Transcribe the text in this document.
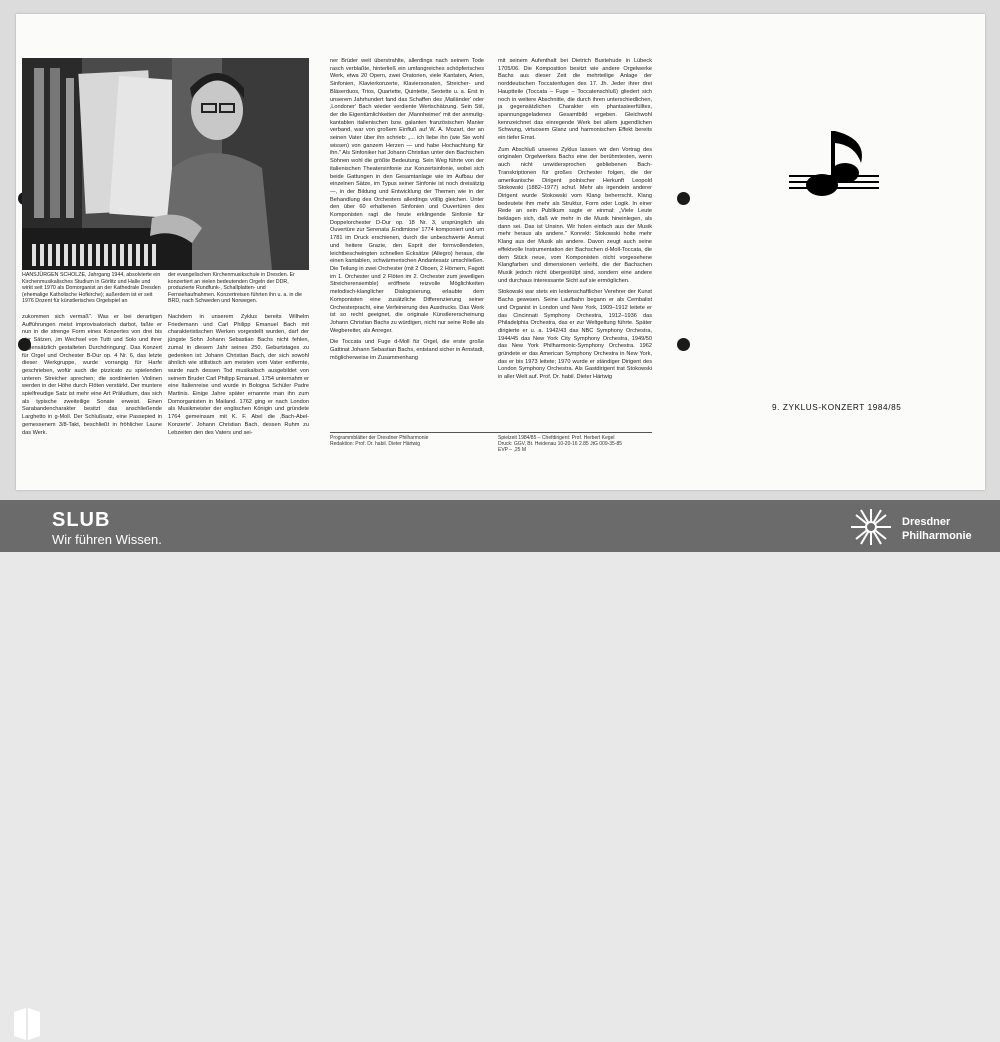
HANSJÜRGEN SCHOLZE, Jahrgang 1944, absolvierte ein Kirchenmusikalisches Studium in Görlitz und Halle und wirkt seit 1970 als Domorganist an der Kathedrale Dresden (ehemalige Katholische Hofkirche); außerdem ist er seit 1976 Dozent für künstlerisches Orgelspiel an
der evangelischen Kirchenmusikschule in Dresden. Er konzertiert an vielen bedeutenden Orgeln der DDR, produzierte Rundfunk-, Schallplatten- und Fernsehaufnahmen. Konzertreisen führten ihn u. a. in die BRD, nach Schweden und Norwegen.

zukommen sich vermaß". Was er bei derartigen Aufführungen meist improvisatorisch darbot, faßte er nun in die strenge Form eines Konzertes von drei bis vier Sätzen, ‚im Wechsel von Tutti und Solo und ihrer gegensätzlich gestalteten Durchdringung'. Das Konzert für Orgel und Orchester B-Dur op. 4 Nr. 6, das letzte dieser Werkgruppe, wurde vorrangig für Harfe geschrieben, wofür auch die pizzicato zu spielenden unteren Streicher sprechen; die sordinierten Violinen werden in der Höhe durch Flöten verstärkt. Der muntere spielfreudige Satz ist mehr eine Art Präludium, das sich als typische zweiteilige Sonate erweist. Einen Sarabandencharakter besitzt das anschließende Larghetto in g-Moll. Der Schlußsatz, eine Passepied in gemessenem 3/8-Takt, beschließt in fröhlicher Laune das Werk.

Nachdem in unserem Zyklus bereits Wilhelm Friedemann und Carl Philipp Emanuel Bach mit charakteristischen Werken vorgestellt wurden, darf der jüngste Sohn Johann Sebastian Bachs nicht fehlen, zumal in diesem Jahr seines 250. Geburtstages zu gedenken ist: Johann Christian Bach, der sich sowohl ähnlich wie stilistisch am meisten vom Vater entfernte, wurde nach dessen Tod musikalisch ausgebildet von seinem Bruder Carl Philipp Emanuel. 1754 unternahm er eine Italienreise und wurde in Bologna Schüler Padre Martinis. Einige Jahre später ernannte man ihn zum Domorganisten in Mailand. 1762 ging er nach London als Musikmeister der englischen Königin und gründete 1764 gemeinsam mit K. F. Abel die ‚Bach-Abel-Konzerte'. Johann Christian Bach, dessen Ruhm zu Lebzeiten den des Vaters und sei-

ner Brüder weit überstrahlte, allerdings nach seinem Tode rasch verblaßte, hinterließ ein umfangreiches schöpferisches Werk, etwa 20 Opern, zwei Oratorien, viele Kantaten, Arien, Sinfonien, Klavierkonzerte, Klaviersonaten, Streicher- und Bläserduos, Trios, Quartette, Quintette, Sextette u. a. Erst in unserem Jahrhundert fand das Schaffen des ‚Mailänder' oder ‚Londoner' Bach wieder verdiente Wertschätzung. Sein Stil, der die Eigentümlichkeiten der ‚Mannheimer' mit der anmutig-kantablen italienischen bzw. galanten französischen Manier verband, war von großem Einfluß auf W. A. Mozart, der an seinen Vater über ihn schrieb: „... ich liebe ihn (wie Sie wohl wissen) von ganzem Herzen — und habe Hochachtung für ihn." Als Sinfoniker hat Johann Christian unter den Bachschen Söhnen wohl die größte Bedeutung. Sein Weg führte von der italienischen Theatersinfonie zur Konzertsinfonie, wobei sich beide Gattungen in den Gesamtanlage wie im Aufbau der einzelnen Sätze, im Typus seiner Sinfonie ist noch dreisätzig —, in der Bildung und Entwicklung der Themen wie in der Behandlung des Orchesters allerdings völlig gleichen. Unter den über 60 erhaltenen Sinfonien und Ouvertüren des Komponisten ragt die heute erklingende Sinfonie für Doppelorchester D-Dur op. 18 Nr. 3, ursprünglich als Ouvertüre zur Serenata ‚Endimione' 1774 komponiert und um 1781 im Druck erschienen, durch die unbeschwerte Anmut und heitere Grazie, den Esprit der formvollendeten, leichtbeschwingten schnellen Ecksätze (Allegro) heraus, die einen kantablen, schwärmerischen Andantesatz umschließen. Die Teilung in zwei Orchester (mit 2 Oboen, 2 Hörnern, Fagott im 1. Orchester und 2 Flöten im 2. Orchester zum jeweiligen Streicherensemble) eröffnete reizvolle Möglichkeiten melodisch-klanglicher Dialogisierung, erlaubte dem Komponisten eine zusätzliche Differenzierung seiner Orchesterpracht, eine Verfeinerung des Ausdrucks. Das Werk ist so recht geeignet, die originale Künstlererscheinung Johann Christian Bachs zu würdigen, nicht nur seine Rolle als Wegbereiter, als Anreger.

Die Toccata und Fuge d-Moll für Orgel, die erste große Gattinat Johann Sebastian Bachs, entstand sicher in Arnstadt, möglicherweise im Zusammenhang

mit seinem Aufenthalt bei Dietrich Buxtehude in Lübeck 1705/06. Die Komposition besitzt wie andere Orgelwerke Bachs aus dieser Zeit die mehrteilige Anlage der norddeutschen Toccatenfugen des 17. Jh. Jeder ihrer drei Hauptteile (Toccata – Fuge – Toccatenschluß) gliedert sich noch in weitere Abschnitte, die durch ihren unterschiedlichen, ja gegensätzlichen Charakter ein phantasieerfülltes, spannungsgeladenes Gesamtbild ergeben. Gleichwohl kennzeichnet das einregende Werk bei allem jugendlichen Schwung, virtuosem Glanz und harmonischen Effekt bereits ein tiefer Ernst.

Zum Abschluß unseres Zyklus lassen wir den Vortrag des originalen Orgelwerkes Bachs eine der berühmtesten, wenn auch nicht unwidersprochen gebliebenen Bach-Transkriptionen für großes Orchester folgen, die der amerikanische Dirigent polnischer Herkunft Leopold Stokowski (1882–1977) schuf. Mehr als irgendein anderer Dirigent wurde Stokowski vom Klang beherrscht. Klang bedeutete ihm mehr als Struktur, Form oder Logik. In einer Rede an sein Publikum sagte er einmal: „Viele Leute beklagen sich, daß wir mehr in die Musik hineinlegen, als dann sei. Das ist Unsinn. Wir holen einfach aus der Musik mehr heraus als andere." Konrekt: Stokowski holte mehr Klang aus der Musik als andere. Davon zeugt auch seine effektvolle Instrumentation der Bachschen d-Moll-Toccata, die dem Stück neue, vom Komponisten nicht vorgesehene Klangfarben und dimensionen verleiht, die der Bachschen Musik jedoch nicht übergestülpt sind, sondern eine andere und durchaus interessante Sicht auf sie ermöglichen.

Stokowski war stets ein leidenschaftlicher Verehrer der Kunst Bachs gewesen. Seine Laufbahn begann er als Cembalist und Organist in London und New York, 1909–1912 leitete er das Cincinnati Symphony Orchestra, 1912–1936 das Philadelphia Orchestra, das er zur Weltgeltung führte. Später dirigierte er u. a. 1942/43 das NBC Symphony Orchestra, 1944/45 das New York City Symphony Orchestra, 1949/50 das New York Philharmonic-Symphony Orchestra. 1962 gründete er das American Symphony Orchestra in New York, das er bis 1973 leitete; 1970 wurde er ständiger Dirigent des London Symphony Orchestra. Als Gastdirigent trat Stokowski in aller Welt auf. Prof. Dr. habil. Dieter Härtwig

Programmblätter der Dresdner Philharmonie
Redaktion: Prof. Dr. habil. Dieter Härtwig
Spielzeit 1984/85 – Chefdirigent: Prof. Herbert Kegel
Druck: GGV, Bt. Heidenau 10-20-16 2.85 JtG 009-35-85
EVP – ,25 M
9. ZYKLUS-KONZERT 1984/85
SLUB
Wir führen Wissen.
Dresdner
Philharmonie
